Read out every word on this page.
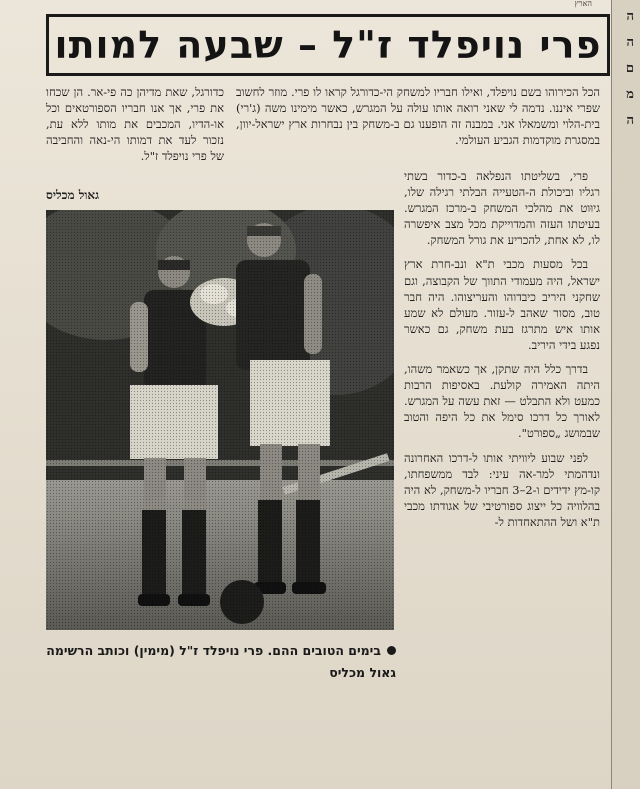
הארץ
ה
ה
ם
מ
ה
פרי נויפלד ז"ל – שבעה למותו
הכל הכירוהו בשם נויפלד, ואילו חבריו למשחק הי-כדורגל קראו לו פרי. מוזר לחשוב שפרי איננו. נדמה לי שאני רואה אותו עולה על המגרש, כאשר מימינו משה (ג'רי) בית-הלוי ומשמאלו אני. במבנה זה הופענו גם ב-משחק בין נבחרות ארץ ישראל-יוון, במסגרת מוקדמות הגביע העולמי.

פרי, בשליטתו הנפלאה ב-כדור בשתי רגליו וביכולת ה-הטעייה הבלתי רגילה שלו, גיוּוט את מהלכי המשחק ב-מרכז המגרש. בעיטתו העזה והמדוייקת מכל מצב איפשרה לו, לא אחת, להכריע את גורל המשחק.

בכל מסעות מכבי ת"א ונב-חרת ארץ ישראל, היה מעמודי התווך של הקבוצה, וגם שחקני היריב כיבדוהו והעריצוהו. היה חבר טוב, מסור שאהב ל-עזור. מעולם לא שמע אותו איש מתרגז בעת משחק, גם כאשר נפגע בידי היריב.

בדרך כלל היה שתקן, אך כשאמר משהו, היתה האמירה קולעת. באסיפות הרבות כמעט ולא התבלט — זאת עשה על המגרש. לאורך כל דרכו סימל את כל היפה והטוב שבמושג „ספורט".

לפני שבוע ליוויתי אותו ל-דרכו האחרונה ונדהמתי למר-אה עיני: לבד ממשפחתו, קו-מץ ידידים ו-2–3 חבריו ל-משחק, לא היה בהלוויה כל ייצוג ספורטיבי של אגודתו מכבי ת"א ושל ההתאחדות ל-

כדורגל, שאת מדיהן כה פי-אר. הן שכחו את פרי, אך אנו חבריו הספורטאים וכל או-הדיו, המכבים את מותו ללא עת, נזכור לעד את דמותו הי-נאה והחביבה של פרי נויפלד ז"ל.

גאול מכליס
בימים הטובים ההם. פרי נויפלד ז"ל (מימין) וכותב הרשימה גאול מכליס
